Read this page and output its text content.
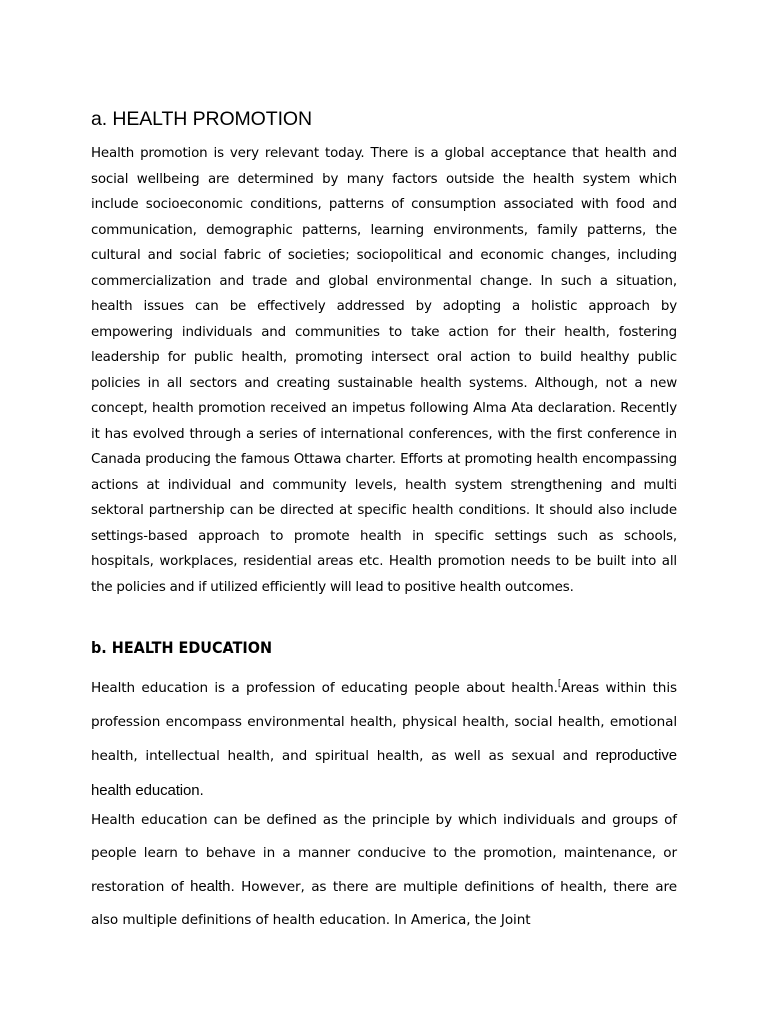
a. HEALTH PROMOTION

Health promotion is very relevant today. There is a global acceptance that health and social wellbeing are determined by many factors outside the health system which include socioeconomic conditions, patterns of consumption associated with food and communication, demographic patterns, learning environments, family patterns, the cultural and social fabric of societies; sociopolitical and economic changes, including commercialization and trade and global environmental change. In such a situation, health issues can be effectively addressed by adopting a holistic approach by empowering individuals and communities to take action for their health, fostering leadership for public health, promoting intersect oral action to build healthy public policies in all sectors and creating sustainable health systems. Although, not a new concept, health promotion received an impetus following Alma Ata declaration. Recently it has evolved through a series of international conferences, with the first conference in Canada producing the famous Ottawa charter. Efforts at promoting health encompassing actions at individual and community levels, health system strengthening and multi sektoral partnership can be directed at specific health conditions. It should also include settings-based approach to promote health in specific settings such as schools, hospitals, workplaces, residential areas etc. Health promotion needs to be built into all the policies and if utilized efficiently will lead to positive health outcomes.

b. HEALTH EDUCATION

Health education is a profession of educating people about health.[Areas within this profession encompass environmental health, physical health, social health, emotional health, intellectual health, and spiritual health, as well as sexual and reproductive health education.

Health education can be defined as the principle by which individuals and groups of people learn to behave in a manner conducive to the promotion, maintenance, or restoration of health. However, as there are multiple definitions of health, there are also multiple definitions of health education. In America, the Joint
